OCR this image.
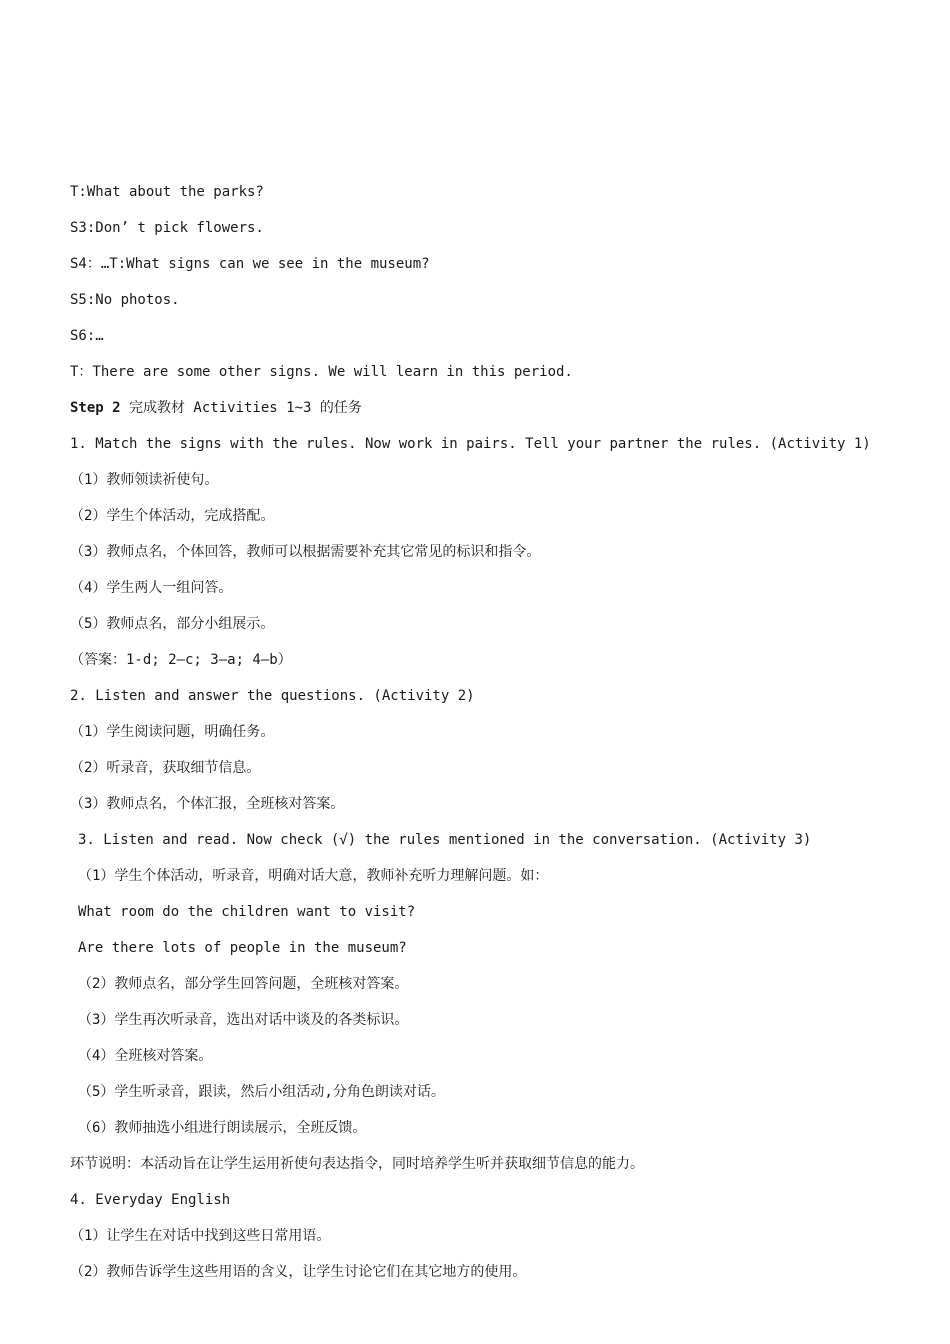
T:What about the parks?
S3:Don’ t pick flowers.
S4：…T:What signs can we see in the museum?
S5:No photos.
S6:…
T：There are some other signs. We will learn in this period.
Step 2 完成教材 Activities 1~3 的任务
1. Match the signs with the rules. Now work in pairs. Tell your partner the rules. (Activity 1)
（1）教师领读祈使句。
（2）学生个体活动，完成搭配。
（3）教师点名，个体回答，教师可以根据需要补充其它常见的标识和指令。
（4）学生两人一组问答。
（5）教师点名，部分小组展示。
（答案：1-d; 2—c; 3—a; 4—b）
2. Listen and answer the questions. (Activity 2)
（1）学生阅读问题，明确任务。
（2）听录音，获取细节信息。
（3）教师点名，个体汇报，全班核对答案。
3. Listen and read. Now check (√) the rules mentioned in the conversation. (Activity 3)
（1）学生个体活动，听录音，明确对话大意，教师补充听力理解问题。如：
What room do the children want to visit?
Are there lots of people in the museum?
（2）教师点名，部分学生回答问题，全班核对答案。
（3）学生再次听录音，选出对话中谈及的各类标识。
（4）全班核对答案。
（5）学生听录音，跟读，然后小组活动,分角色朗读对话。
（6）教师抽选小组进行朗读展示，全班反馈。
环节说明：本活动旨在让学生运用祈使句表达指令，同时培养学生听并获取细节信息的能力。
4. Everyday English
（1）让学生在对话中找到这些日常用语。
（2）教师告诉学生这些用语的含义，让学生讨论它们在其它地方的使用。
